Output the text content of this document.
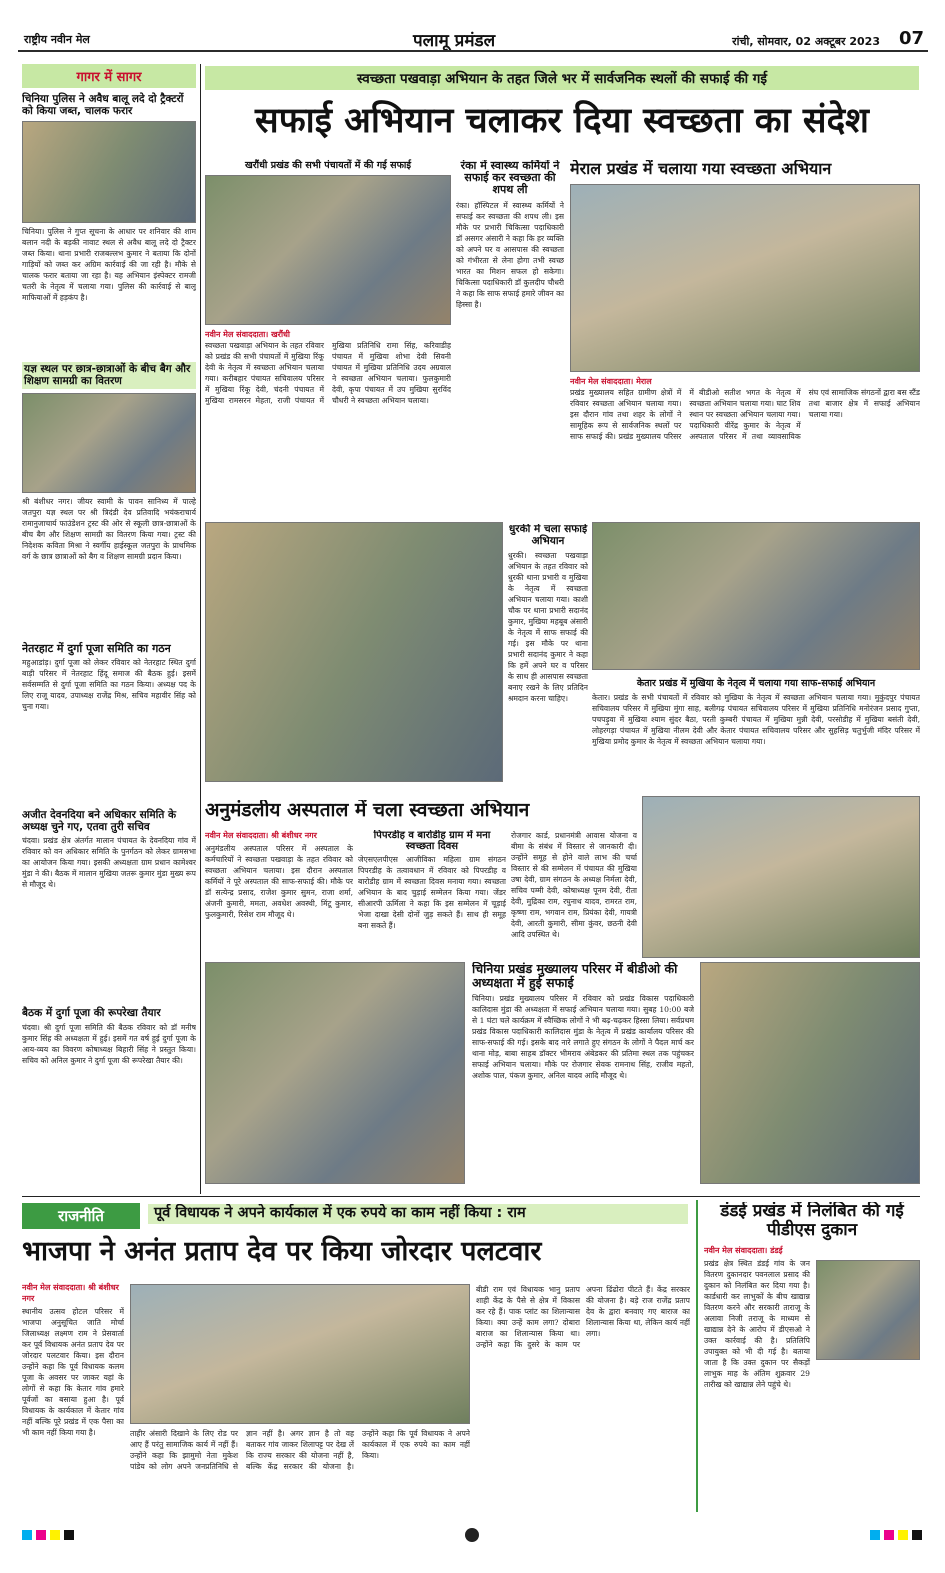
राष्ट्रीय नवीन मेल	पलामू प्रमंडल	रांची, सोमवार, 02 अक्टूबर 2023 07
गागर में सागर
चिनिया पुलिस ने अवैध बालू लदे दो ट्रैक्टरों को किया जब्त, चालक फरार
चिनिया। पुलिस ने गुप्त सूचना के आधार पर शनिवार की शाम बलान नदी के बड़की नावाट स्थल से अवैध बालू लदे दो ट्रैक्टर जब्त किया। थाना प्रभारी राजबल्लभ कुमार ने बताया कि दोनों गाड़ियों को जब्त कर अग्रिम कार्रवाई की जा रही है। मौके से चालक फरार बताया जा रहा है। यह अभियान इंस्पेक्टर रामजी चतरी के नेतृत्व में चलाया गया। पुलिस की कार्रवाई से बालू माफियाओं में हड़कंप है।
यज्ञ स्थल पर छात्र-छात्राओं के बीच बैग और शिक्षण सामग्री का वितरण
श्री बंशीधर नगर। जीयर स्वामी के पावन सानिध्य में पाल्हे जतपुरा यज्ञ स्थल पर श्री त्रिदंडी देव प्रतिवादि भयंकराचार्य रामानुजाचार्य फाउंडेशन ट्रस्ट की ओर से स्कूली छात्र-छात्राओं के बीच बैग और शिक्षण सामग्री का वितरण किया गया। ट्रस्ट की निदेशक कविता मिश्रा ने स्वर्गीय हाईस्कूल जतपुरा के प्राथमिक वर्ग के छात्र छात्राओं को बैग व शिक्षण सामग्री प्रदान किया।
नेतरहाट में दुर्गा पूजा समिति का गठन
महुआडांड़। दुर्गा पूजा को लेकर रविवार को नेतरहाट स्थित दुर्गा बाड़ी परिसर में नेतरहाट हिंदू समाज की बैठक हुई। इसमें सर्वसम्मति से दुर्गा पूजा समिति का गठन किया। अध्यक्ष पद के लिए राजू यादव, उपाध्यक्ष राजेंद्र मिश्र, सचिव महावीर सिंह को चुना गया।
अजीत देवनदिया बने अधिकार समिति के अध्यक्ष चुने गए, एतवा तुरी सचिव
चंदवा। प्रखंड क्षेत्र अंतर्गत मालान पंचायत के देवनदिया गांव में रविवार को वन अधिकार समिति के पुनर्गठन को लेकर ग्रामसभा का आयोजन किया गया। इसकी अध्यक्षता ग्राम प्रधान कामेश्वर मुंडा ने की। बैठक में मालान मुखिया जतरू कुमार मुंडा मुख्य रूप से मौजूद थे।
बैठक में दुर्गा पूजा की रूपरेखा तैयार
चंदवा। श्री दुर्गा पूजा समिति की बैठक रविवार को डॉ मनीष कुमार सिंह की अध्यक्षता में हुई। इसमें गत वर्ष हुई दुर्गा पूजा के आय-व्यय का विवरण कोषाध्यक्ष बिहारी सिंह ने प्रस्तुत किया। सचिव को अनिल कुमार ने दुर्गा पूजा की रूपरेखा तैयार की।
स्वच्छता पखवाड़ा अभियान के तहत जिले भर में सार्वजनिक स्थलों की सफाई की गई
सफाई अभियान चलाकर दिया स्वच्छता का संदेश
खरौंधी प्रखंड की सभी पंचायतों में की गई सफाई
नवीन मेल संवाददाता। खरौंधी
स्वच्छता पखवाड़ा अभियान के तहत रविवार को प्रखंड की सभी पंचायतों में मुखिया रिंकू देवी के नेतृत्व में स्वच्छता अभियान चलाया गया। करीबहार पंचायत सचिवालय परिसर में मुखिया रिंकू देवी, चंदनी पंचायत में मुखिया रामसरन मेहता, राजी पंचायत में मुखिया प्रतिनिधि रामा सिंह, करिवाडीह पंचायत में मुखिया शोभा देवी सिवनी पंचायत में मुखिया प्रतिनिधि उदय अग्रवाल ने स्वच्छता अभियान चलाया। फुलकुमारी देवी, कृपा पंचायत में उप मुखिया सुरविंद चौधरी ने स्वच्छता अभियान चलाया।
रंका में स्वास्थ्य कर्मियों ने सफाई कर स्वच्छता की शपथ ली
रंका। हॉस्पिटल में स्वास्थ्य कर्मियों ने सफाई कर स्वच्छता की शपथ ली। इस मौके पर प्रभारी चिकित्सा पदाधिकारी डॉ असगर अंसारी ने कहा कि हर व्यक्ति को अपने घर व आसपास की स्वच्छता को गंभीरता से लेना होगा तभी स्वच्छ भारत का मिशन सफल हो सकेगा। चिकित्सा पदाधिकारी डॉ कुलदीप चौधरी ने कहा कि साफ सफाई हमारे जीवन का हिस्सा है।
मेराल प्रखंड में चलाया गया स्वच्छता अभियान
नवीन मेल संवाददाता। मेराल
प्रखंड मुख्यालय सहित ग्रामीण क्षेत्रों में रविवार स्वच्छता अभियान चलाया गया। इस दौरान गांव तथा शहर के लोगों ने सामूहिक रूप से सार्वजनिक स्थलों पर साफ सफाई की। प्रखंड मुख्यालय परिसर में बीडीओ सतीश भगत के नेतृत्व में स्वच्छता अभियान चलाया गया। घाट शिव स्थान पर स्वच्छता अभियान चलाया गया। पदाधिकारी वीरेंद्र कुमार के नेतृत्व में अस्पताल परिसर में तथा व्यावसायिक संघ एवं सामाजिक संगठनों द्वारा बस स्टैंड तथा बाजार क्षेत्र में सफाई अभियान चलाया गया।
धुरकी में चला सफाई अभियान
धुरकी। स्वच्छता पखवाड़ा अभियान के तहत रविवार को धुरकी थाना प्रभारी व मुखिया के नेतृत्व में स्वच्छता अभियान चलाया गया। काशी चौक पर थाना प्रभारी सदानंद कुमार, मुखिया महबूब अंसारी के नेतृत्व में साफ सफाई की गई। इस मौके पर थाना प्रभारी सदानंद कुमार ने कहा कि हमें अपने घर व परिसर के साथ ही आसपास स्वच्छता बनाए रखने के लिए प्रतिदिन श्रमदान करना चाहिए।
केतार प्रखंड में मुखिया के नेतृत्व में चलाया गया साफ-सफाई अभियान
केतार। प्रखंड के सभी पंचायतों में रविवार को मुखिया के नेतृत्व में स्वच्छता अभियान चलाया गया। मुकुंदपुर पंचायत सचिवालय परिसर में मुखिया मुंगा साह, बलीगढ़ पंचायत सचिवालय परिसर में मुखिया प्रतिनिधि मनोरंजन प्रसाद गुप्ता, पचपड़ुवा में मुखिया श्याम सुंदर बैठा, परती कुम्बरी पंचायत में मुखिया मुन्नी देवी, परसोडीह में मुखिया बसंती देवी, लोहरगड़ा पंचायत में मुखिया नीलम देवी और केतार पंचायत सचिवालय परिसर और सुहसिड़ चतुर्भुजी मंदिर परिसर में मुखिया प्रमोद कुमार के नेतृत्व में स्वच्छता अभियान चलाया गया।
अनुमंडलीय अस्पताल में चला स्वच्छता अभियान
नवीन मेल संवाददाता। श्री बंशीधर नगर
अनुमंडलीय अस्पताल परिसर में अस्पताल के कर्मचारियों ने स्वच्छता पखवाड़ा के तहत रविवार को स्वच्छता अभियान चलाया। इस दौरान अस्पताल कर्मियों ने पूरे अस्पताल की साफ-सफाई की। मौके पर डॉ सत्येन्द्र प्रसाद, राजेश कुमार सुमन, राजा शर्मा, अंजनी कुमारी, ममता, अवधेश अवस्थी, मिंटू कुमार, फुलकुमारी, रिसेश राम मौजूद थे।
पिपरडीह व बारोडीह ग्राम में मना स्वच्छता दिवस
जेएसएलपीएस आजीविका महिला ग्राम संगठन पिपरडीह के तत्वावधान में रविवार को पिपरडीह व बारोडीह ग्राम में स्वच्छता दिवस मनाया गया। स्वच्छता अभियान के बाद चुड़ाई सम्मेलन किया गया। जेंडर सीआरपी ऊर्मिला ने कहा कि इस सम्मेलन में चूड़ाई भेजा दाखा देसी दोनों जुड़ सकते हैं। साथ ही समूह बना सकते हैं।
रोजगार कार्ड, प्रधानमंत्री आवास योजना व बीमा के संबंध में विस्तार से जानकारी दी। उन्होंने समूह से होने वाले लाभ की चर्चा विस्तार से की सम्मेलन में पंचायत की मुखिया उषा देवी, ग्राम संगठन के अध्यक्ष निर्मला देवी, सचिव पम्मी देवी, कोषाध्यक्ष पूनम देवी, रीता देवी, मुद्रिका राम, रघुनाथ यादव, रामरत राम, कृष्णा राम, भगवान राम, प्रियंका देवी, गायत्री देवी, आरती कुमारी, सीमा कुंवर, छठनी देवी आदि उपस्थित थे।
चिनिया प्रखंड मुख्यालय परिसर में बीडीओ की अध्यक्षता में हुई सफाई
चिनिया। प्रखंड मुख्यालय परिसर में रविवार को प्रखंड विकास पदाधिकारी कालिदास मुंडा की अध्यक्षता में सफाई अभियान चलाया गया। सुबह 10:00 बजे से 1 घंटा चले कार्यक्रम में स्वैच्छिक लोगों ने भी बढ़-चढ़कर हिस्सा लिया। सर्वप्रथम प्रखंड विकास पदाधिकारी कालिदास मुंडा के नेतृत्व में प्रखंड कार्यालय परिसर की साफ-सफाई की गई। इसके बाद नारे लगाते हुए संगठन के लोगों ने पैदल मार्च कर थाना मोड़, बाबा साहब डॉक्टर भीमराव अंबेडकर की प्रतिमा स्थल तक पहुंचकर सफाई अभियान चलाया। मौके पर रोजगार सेवक रामनाथ सिंह, राजीव महतो, अशोक पाल, पंकज कुमार, अनिल यादव आदि मौजूद थे।
राजनीति	पूर्व विधायक ने अपने कार्यकाल में एक रुपये का काम नहीं किया : राम
भाजपा ने अनंत प्रताप देव पर किया जोरदार पलटवार
नवीन मेल संवाददाता। श्री बंशीधर नगर
स्थानीय उत्सव होटल परिसर में भाजपा अनुसूचित जाति मोर्चा जिलाध्यक्ष लक्ष्मण राम ने प्रेसवार्ता कर पूर्व विधायक अनंत प्रताप देव पर जोरदार पलटवार किया। इस दौरान उन्होंने कहा कि पूर्व विधायक कलम पूजा के अवसर पर जाकर यहां के लोगों से कहा कि केतार गांव हमारे पूर्वजों का बसाया हुआ है। पूर्व विधायक के कार्यकाल में केतार गांव नहीं बल्कि पूरे प्रखंड में एक पैसा का भी काम नहीं किया गया है।	ताहीर अंसारी दिखाने के लिए रोड पर आए हैं परंतु सामाजिक कार्य में नहीं हैं। उन्होंने कहा कि झामुमो नेता मुकेश पांडेय को लोग अपने जनप्रतिनिधि से ज्ञान नहीं है। अगर ज्ञान है तो वह बताकर गांव जाकर शिलापट्ट पर देख लें कि राज्य सरकार की योजना नहीं है, बल्कि केंद्र सरकार की योजना है। उन्होंने कहा कि पूर्व विधायक ने अपने कार्यकाल में एक रुपये का काम नहीं किया।
बीडी राम एवं विधायक भानु प्रताप शाही केंद्र के पैसे से क्षेत्र में विकास कर रहे हैं। पाक प्लांट का शिलान्यास किया। क्या उन्हें काम लगा? दोबारा बाराज का शिलान्यास किया था। उन्होंने कहा कि दुसरे के काम पर अपना ढिंढोरा पीटते हैं। केंद्र सरकार की योजना है। बड़े राज राजेंद्र प्रताप देव के द्वारा बनवाए गए बाराज का शिलान्यास किया था, लेकिन कार्य नहीं लगा।
डंडई प्रखंड में निलंबित की गई पीडीएस दुकान
नवीन मेल संवाददाता। डंडई
प्रखंड क्षेत्र स्थित डंडई गांव के जन वितरण दुकानदार पवनलाल प्रसाद की दुकान को निलंबित कर दिया गया है। कार्डधारी कर लाभुकों के बीच खाद्यान्न वितरण करने और सरकारी ताराजू के अलावा निजी तराजू के माध्यम से खाद्यान्न देने के आरोप में डीएसओ ने उक्त कार्रवाई की है। प्रतिलिपि उपायुक्त को भी दी गई है। बताया जाता है कि उक्त दुकान पर सैकड़ों लाभुक माह के अंतिम शुक्रवार 29 तारीख को खाद्यान्न लेने पहुंचे थे।
